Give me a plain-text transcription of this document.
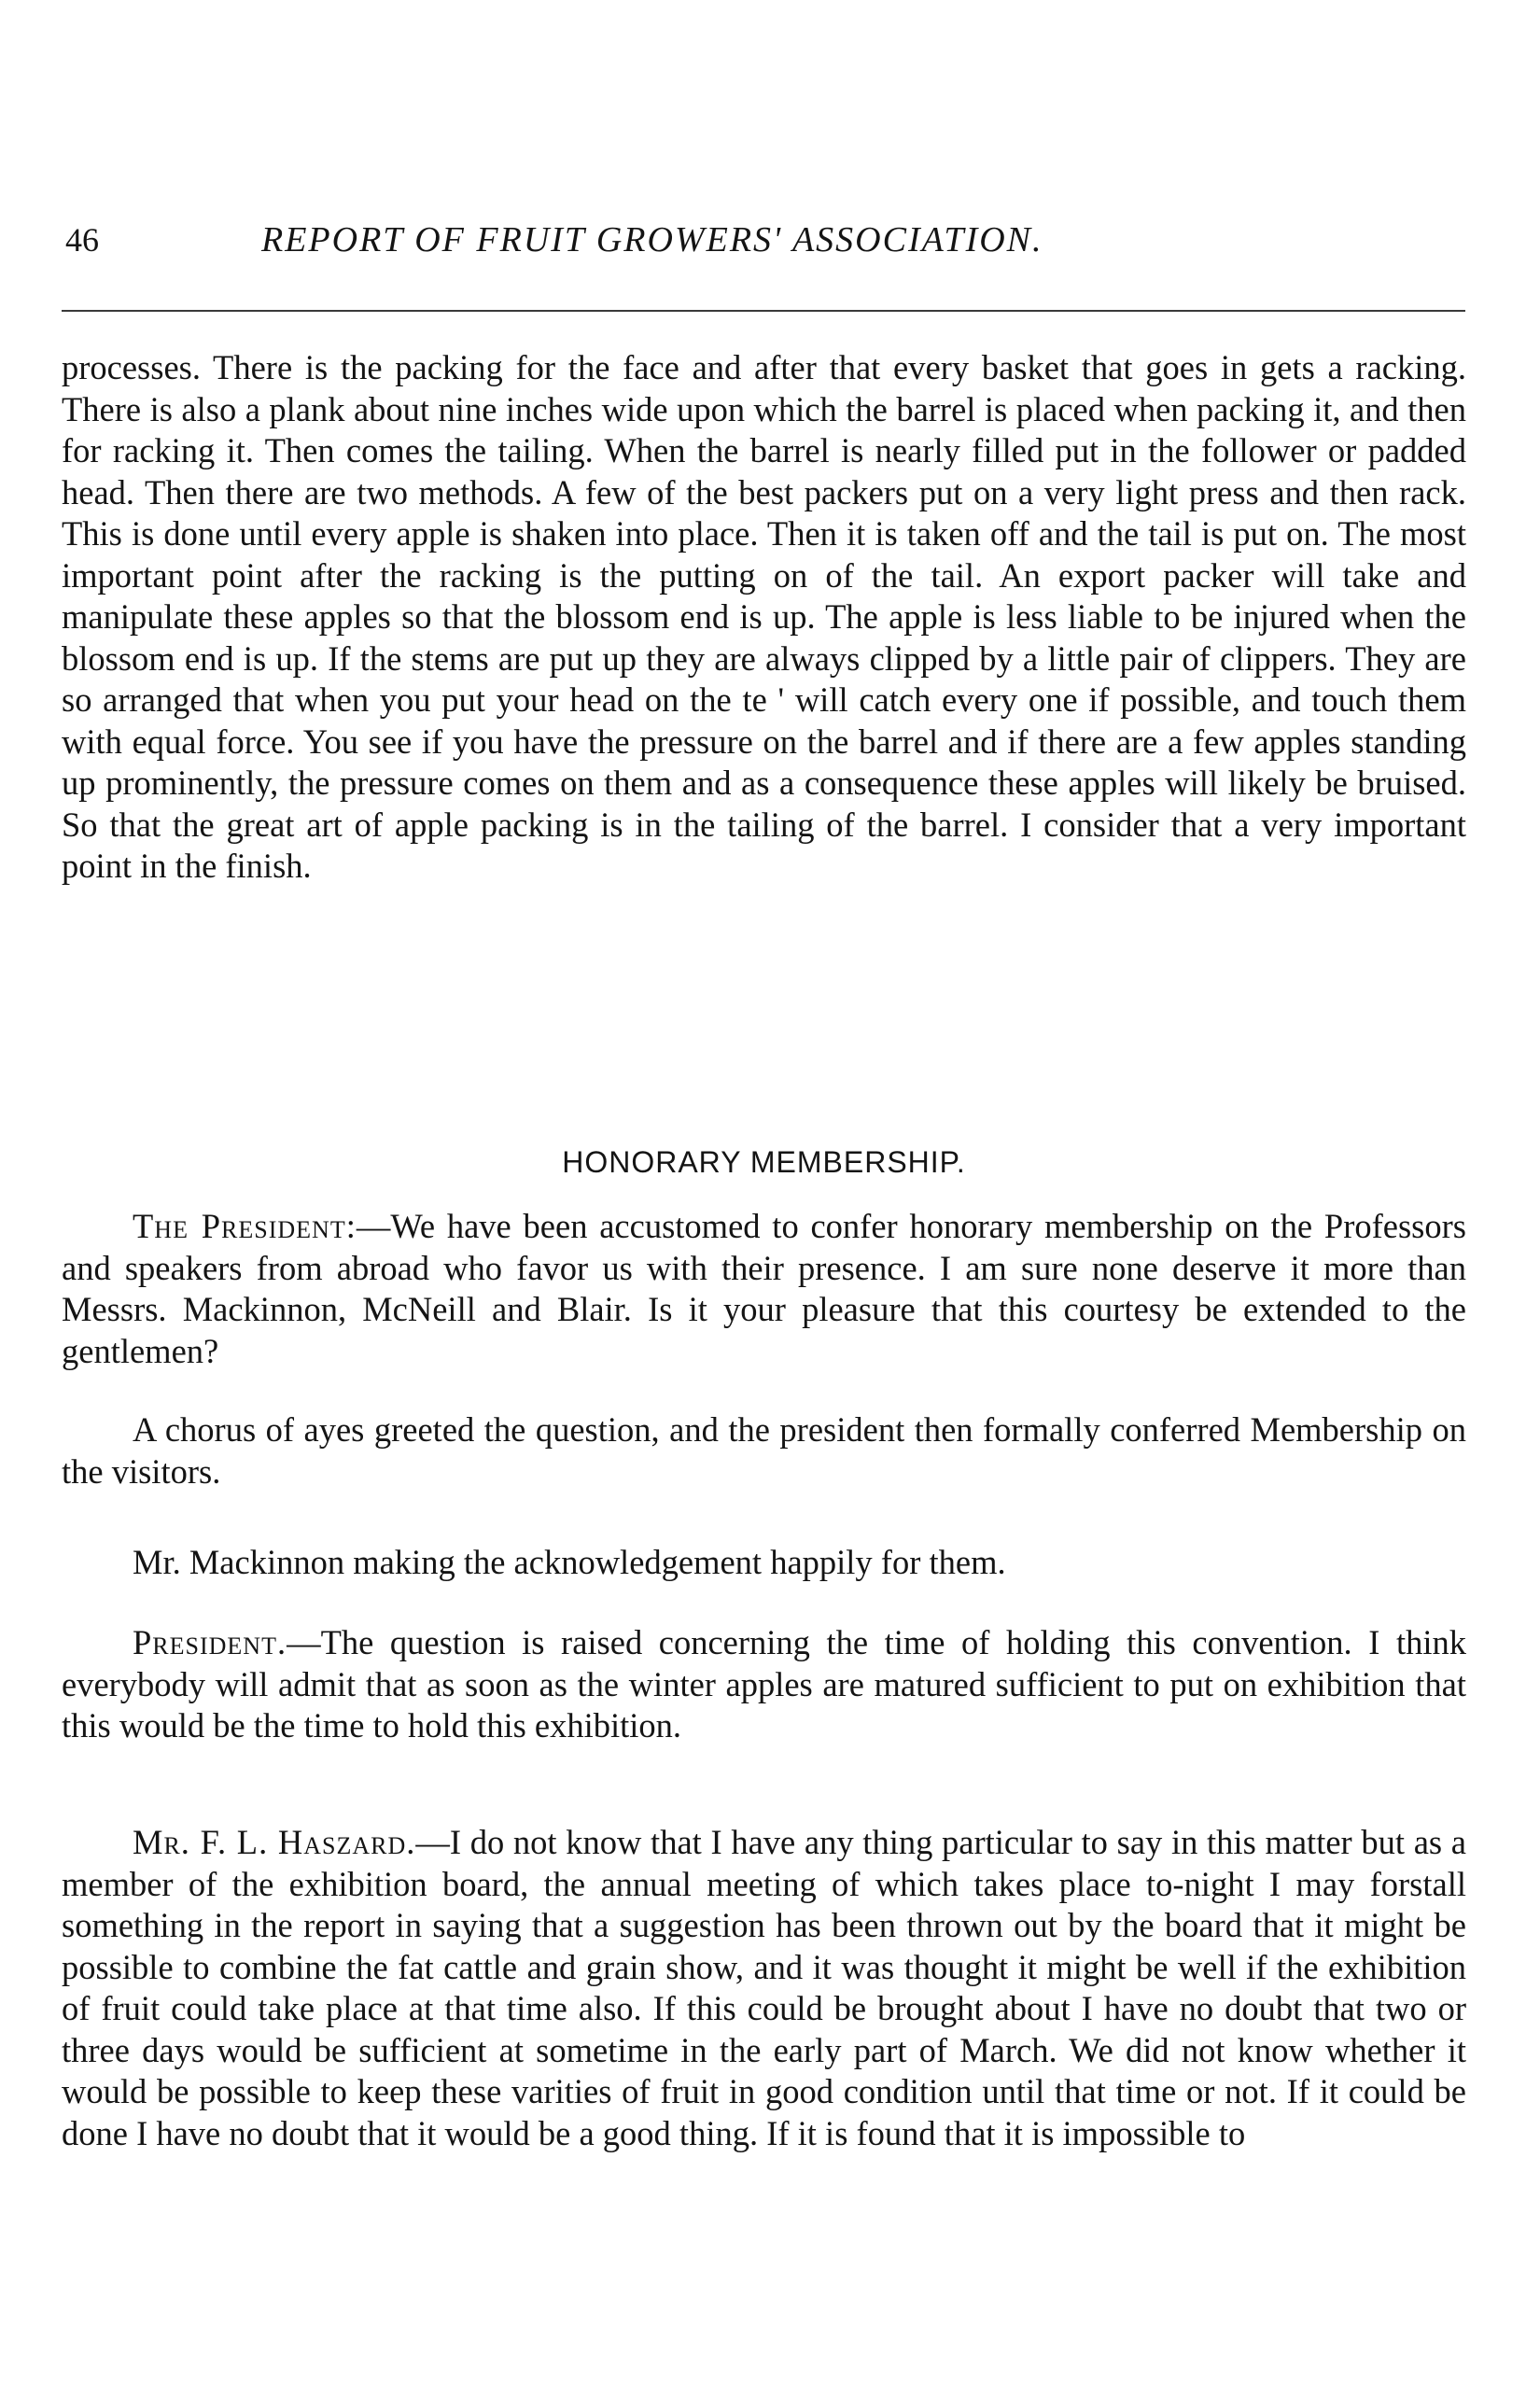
46	REPORT OF FRUIT GROWERS' ASSOCIATION.

processes. There is the packing for the face and after that every basket that goes in gets a racking. There is also a plank about nine inches wide upon which the barrel is placed when packing it, and then for racking it. Then comes the tailing. When the barrel is nearly filled put in the follower or padded head. Then there are two methods. A few of the best packers put on a very light press and then rack. This is done until every apple is shaken into place. Then it is taken off and the tail is put on. The most important point after the racking is the putting on of the tail. An export packer will take and manipulate these apples so that the blossom end is up. The apple is less liable to be injured when the blossom end is up. If the stems are put up they are always clipped by a little pair of clippers. They are so arranged that when you put your head on the te ' will catch every one if possible, and touch them with equal force. You see if you have the pressure on the barrel and if there are a few apples standing up prominently, the pressure comes on them and as a consequence these apples will likely be bruised. So that the great art of apple packing is in the tailing of the barrel. I consider that a very important point in the finish.

HONORARY MEMBERSHIP.

The President:—We have been accustomed to confer honorary membership on the Professors and speakers from abroad who favor us with their presence. I am sure none deserve it more than Messrs. Mackinnon, McNeill and Blair. Is it your pleasure that this courtesy be extended to the gentlemen?

A chorus of ayes greeted the question, and the president then formally conferred Membership on the visitors.

Mr. Mackinnon making the acknowledgement happily for them.

President.—The question is raised concerning the time of holding this convention. I think everybody will admit that as soon as the winter apples are matured sufficient to put on exhibition that this would be the time to hold this exhibition.

Mr. F. L. Haszard.—I do not know that I have any thing particular to say in this matter but as a member of the exhibition board, the annual meeting of which takes place to-night I may forstall something in the report in saying that a suggestion has been thrown out by the board that it might be possible to combine the fat cattle and grain show, and it was thought it might be well if the exhibition of fruit could take place at that time also. If this could be brought about I have no doubt that two or three days would be sufficient at sometime in the early part of March. We did not know whether it would be possible to keep these varities of fruit in good condition until that time or not. If it could be done I have no doubt that it would be a good thing. If it is found that it is impossible to
